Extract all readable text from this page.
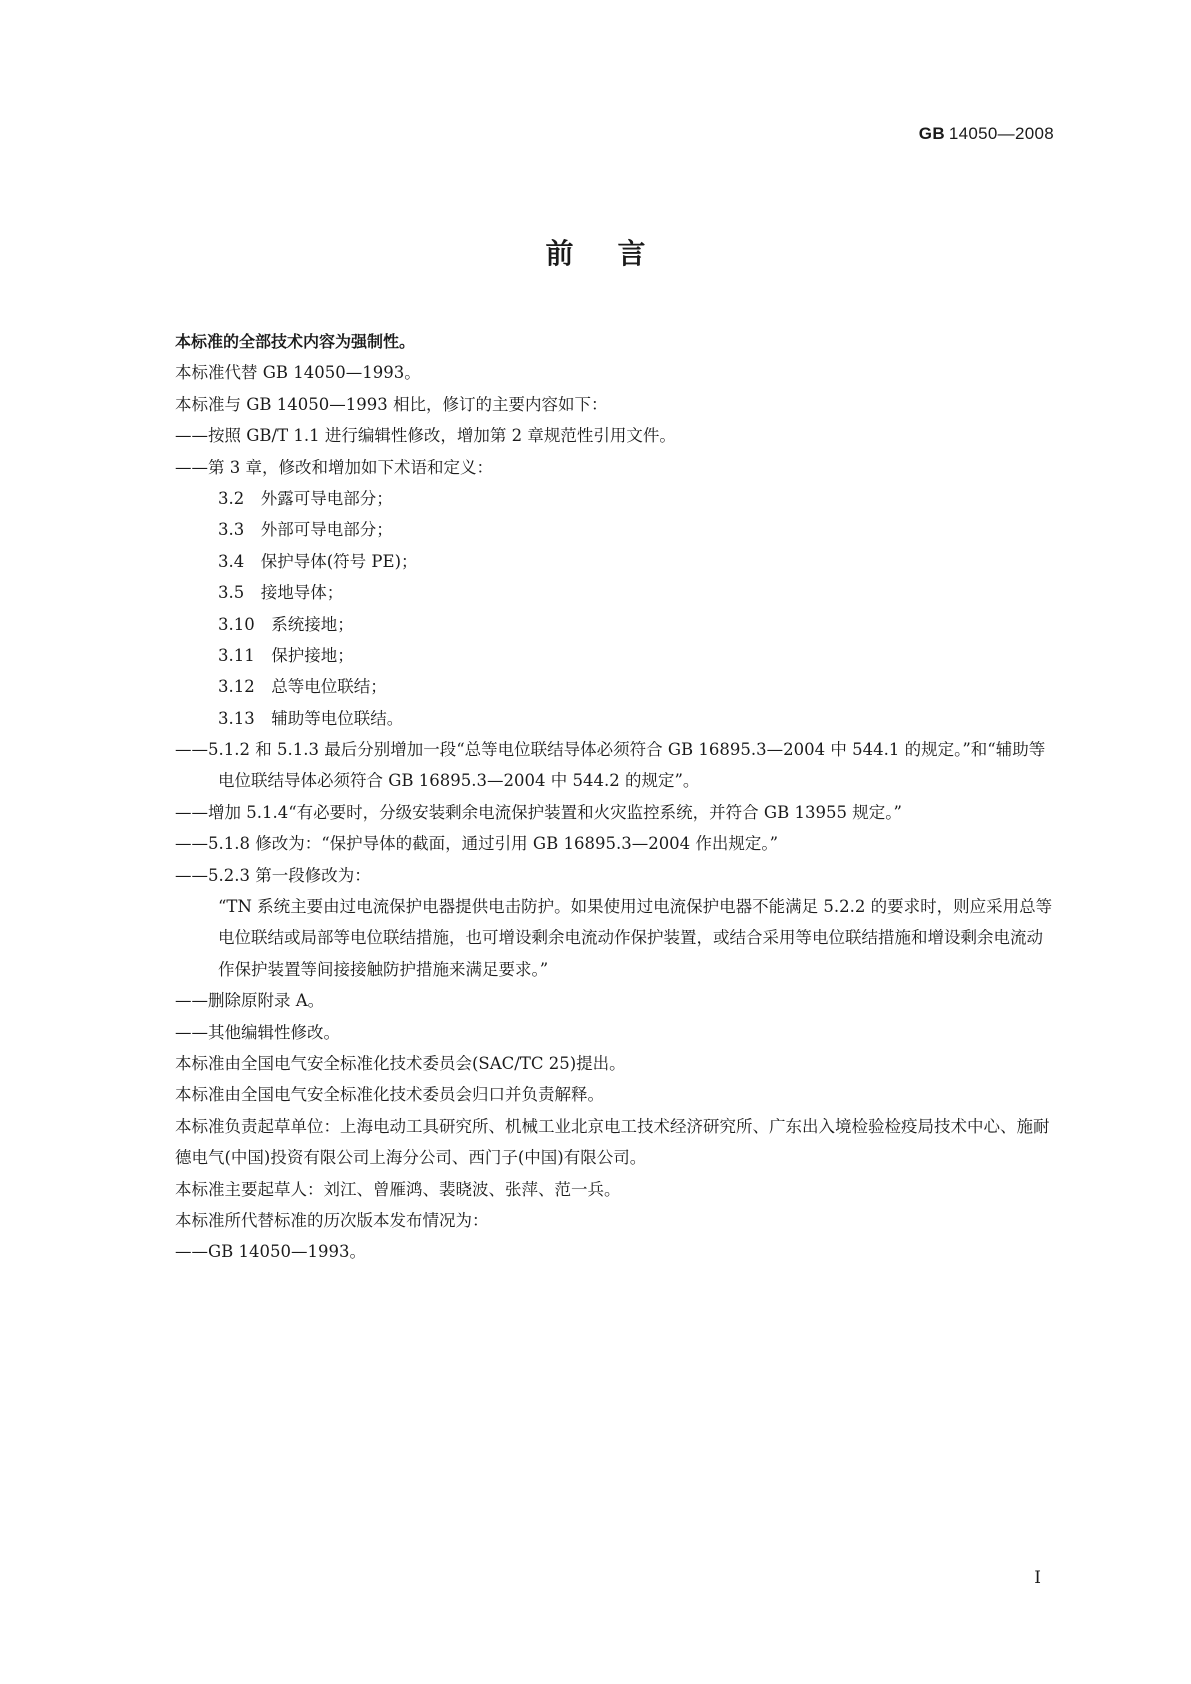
GB 14050—2008
前言
本标准的全部技术内容为强制性。
本标准代替 GB 14050—1993。
本标准与 GB 14050—1993 相比，修订的主要内容如下：
——按照 GB/T 1.1 进行编辑性修改，增加第 2 章规范性引用文件。
——第 3 章，修改和增加如下术语和定义：
3.2　外露可导电部分；
3.3　外部可导电部分；
3.4　保护导体(符号 PE)；
3.5　接地导体；
3.10　系统接地；
3.11　保护接地；
3.12　总等电位联结；
3.13　辅助等电位联结。
——5.1.2 和 5.1.3 最后分别增加一段“总等电位联结导体必须符合 GB 16895.3—2004 中 544.1 的规定。”和“辅助等电位联结导体必须符合 GB 16895.3—2004 中 544.2 的规定”。
——增加 5.1.4“有必要时，分级安装剩余电流保护装置和火灾监控系统，并符合 GB 13955 规定。”
——5.1.8 修改为：“保护导体的截面，通过引用 GB 16895.3—2004 作出规定。”
——5.2.3 第一段修改为：
“TN 系统主要由过电流保护电器提供电击防护。如果使用过电流保护电器不能满足 5.2.2 的要求时，则应采用总等电位联结或局部等电位联结措施，也可增设剩余电流动作保护装置，或结合采用等电位联结措施和增设剩余电流动作保护装置等间接接触防护措施来满足要求。”
——删除原附录 A。
——其他编辑性修改。
本标准由全国电气安全标准化技术委员会(SAC/TC 25)提出。
本标准由全国电气安全标准化技术委员会归口并负责解释。
本标准负责起草单位：上海电动工具研究所、机械工业北京电工技术经济研究所、广东出入境检验检疫局技术中心、施耐德电气(中国)投资有限公司上海分公司、西门子(中国)有限公司。
本标准主要起草人：刘江、曾雁鸿、裴晓波、张萍、范一兵。
本标准所代替标准的历次版本发布情况为：
——GB 14050—1993。
I
